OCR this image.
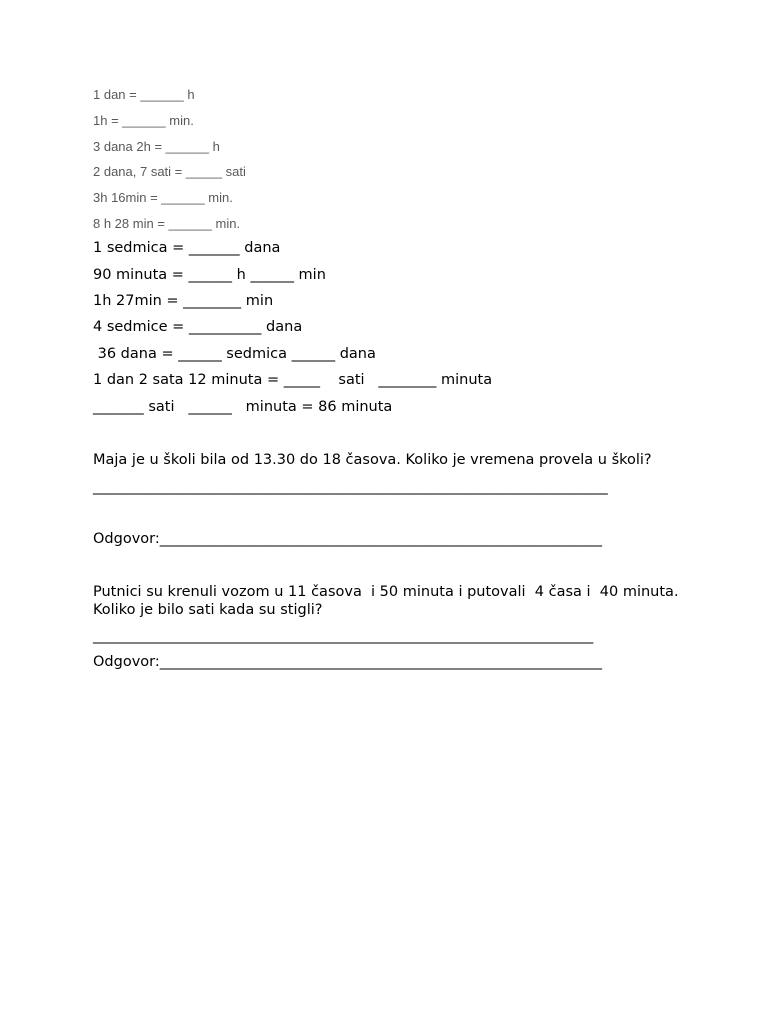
1 dan = ______ h
1h = ______ min.
3 dana 2h = ______ h
2 dana, 7 sati = _____ sati
3h 16min = ______ min.
8 h 28 min = ______ min.
1 sedmica = _______ dana
90 minuta = ______ h ______ min
1h 27min = ________ min
4 sedmice = __________ dana
36 dana = ______ sedmica ______ dana
1 dan 2 sata 12 minuta = _____    sati   ________ minuta
_______ sati   ______   minuta = 86 minuta
Maja je u školi bila od 13.30 do 18 časova. Koliko je vremena provela u školi?
_______________________________________________________________________
Odgovor:_____________________________________________________________
Putnici su krenuli vozom u 11 časova  i 50 minuta i putovali  4 časa i  40 minuta.
Koliko je bilo sati kada su stigli?
_____________________________________________________________________
Odgovor:_____________________________________________________________
